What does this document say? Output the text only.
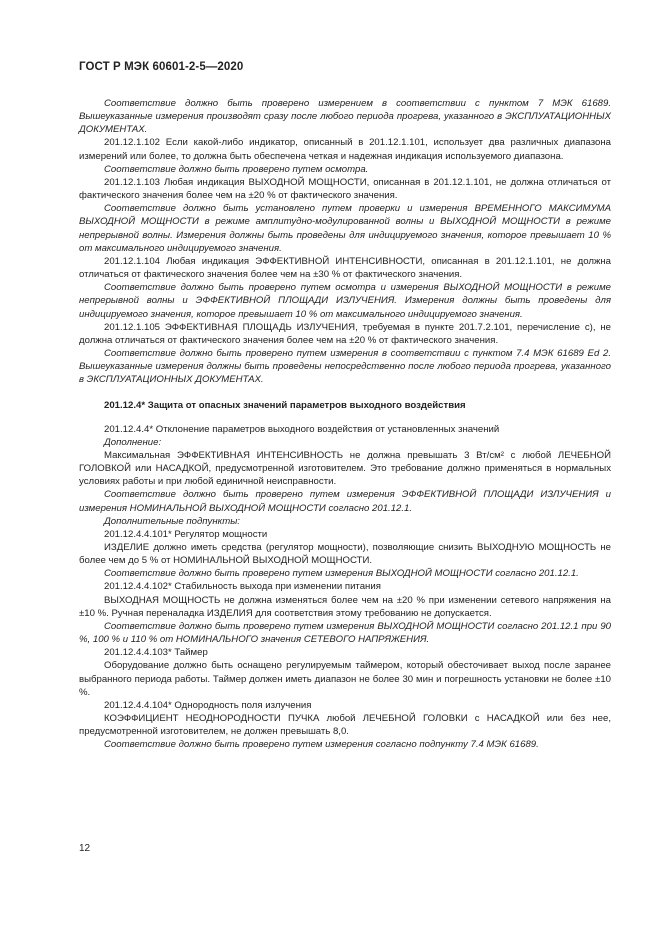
ГОСТ Р МЭК 60601-2-5—2020

Соответствие должно быть проверено измерением в соответствии с пунктом 7 МЭК 61689. Вышеуказанные измерения производят сразу после любого периода прогрева, указанного в ЭКСПЛУАТАЦИОННЫХ ДОКУМЕНТАХ.

201.12.1.102 Если какой-либо индикатор, описанный в 201.12.1.101, использует два различных диапазона измерений или более, то должна быть обеспечена четкая и надежная индикация используемого диапазона.

Соответствие должно быть проверено путем осмотра.

201.12.1.103 Любая индикация ВЫХОДНОЙ МОЩНОСТИ, описанная в 201.12.1.101, не должна отличаться от фактического значения более чем на ±20 % от фактического значения.

Соответствие должно быть установлено путем проверки и измерения ВРЕМЕННОГО МАКСИМУМА ВЫХОДНОЙ МОЩНОСТИ в режиме амплитудно-модулированной волны и ВЫХОДНОЙ МОЩНОСТИ в режиме непрерывной волны. Измерения должны быть проведены для индицируемого значения, которое превышает 10 % от максимального индицируемого значения.

201.12.1.104 Любая индикация ЭФФЕКТИВНОЙ ИНТЕНСИВНОСТИ, описанная в 201.12.1.101, не должна отличаться от фактического значения более чем на ±30 % от фактического значения.

Соответствие должно быть проверено путем осмотра и измерения ВЫХОДНОЙ МОЩНОСТИ в режиме непрерывной волны и ЭФФЕКТИВНОЙ ПЛОЩАДИ ИЗЛУЧЕНИЯ. Измерения должны быть проведены для индицируемого значения, которое превышает 10 % от максимального индицируемого значения.

201.12.1.105 ЭФФЕКТИВНАЯ ПЛОЩАДЬ ИЗЛУЧЕНИЯ, требуемая в пункте 201.7.2.101, перечисление с), не должна отличаться от фактического значения более чем на ±20 % от фактического значения.

Соответствие должно быть проверено путем измерения в соответствии с пунктом 7.4 МЭК 61689 Ed 2. Вышеуказанные измерения должны быть проведены непосредственно после любого периода прогрева, указанного в ЭКСПЛУАТАЦИОННЫХ ДОКУМЕНТАХ.

201.12.4* Защита от опасных значений параметров выходного воздействия

201.12.4.4* Отклонение параметров выходного воздействия от установленных значений

Дополнение:

Максимальная ЭФФЕКТИВНАЯ ИНТЕНСИВНОСТЬ не должна превышать 3 Вт/см² с любой ЛЕЧЕБНОЙ ГОЛОВКОЙ или НАСАДКОЙ, предусмотренной изготовителем. Это требование должно применяться в нормальных условиях работы и при любой единичной неисправности.

Соответствие должно быть проверено путем измерения ЭФФЕКТИВНОЙ ПЛОЩАДИ ИЗЛУЧЕНИЯ и измерения НОМИНАЛЬНОЙ ВЫХОДНОЙ МОЩНОСТИ согласно 201.12.1.

Дополнительные подпункты:

201.12.4.4.101* Регулятор мощности

ИЗДЕЛИЕ должно иметь средства (регулятор мощности), позволяющие снизить ВЫХОДНУЮ МОЩНОСТЬ не более чем до 5 % от НОМИНАЛЬНОЙ ВЫХОДНОЙ МОЩНОСТИ.

Соответствие должно быть проверено путем измерения ВЫХОДНОЙ МОЩНОСТИ согласно 201.12.1.

201.12.4.4.102* Стабильность выхода при изменении питания

ВЫХОДНАЯ МОЩНОСТЬ не должна изменяться более чем на ±20 % при изменении сетевого напряжения на ±10 %. Ручная переналадка ИЗДЕЛИЯ для соответствия этому требованию не допускается.

Соответствие должно быть проверено путем измерения ВЫХОДНОЙ МОЩНОСТИ согласно 201.12.1 при 90 %, 100 % и 110 % от НОМИНАЛЬНОГО значения СЕТЕВОГО НАПРЯЖЕНИЯ.

201.12.4.4.103* Таймер

Оборудование должно быть оснащено регулируемым таймером, который обесточивает выход после заранее выбранного периода работы. Таймер должен иметь диапазон не более 30 мин и погрешность установки не более ±10 %.

201.12.4.4.104* Однородность поля излучения

КОЭФФИЦИЕНТ НЕОДНОРОДНОСТИ ПУЧКА любой ЛЕЧЕБНОЙ ГОЛОВКИ с НАСАДКОЙ или без нее, предусмотренной изготовителем, не должен превышать 8,0.

Соответствие должно быть проверено путем измерения согласно подпункту 7.4 МЭК 61689.

12
